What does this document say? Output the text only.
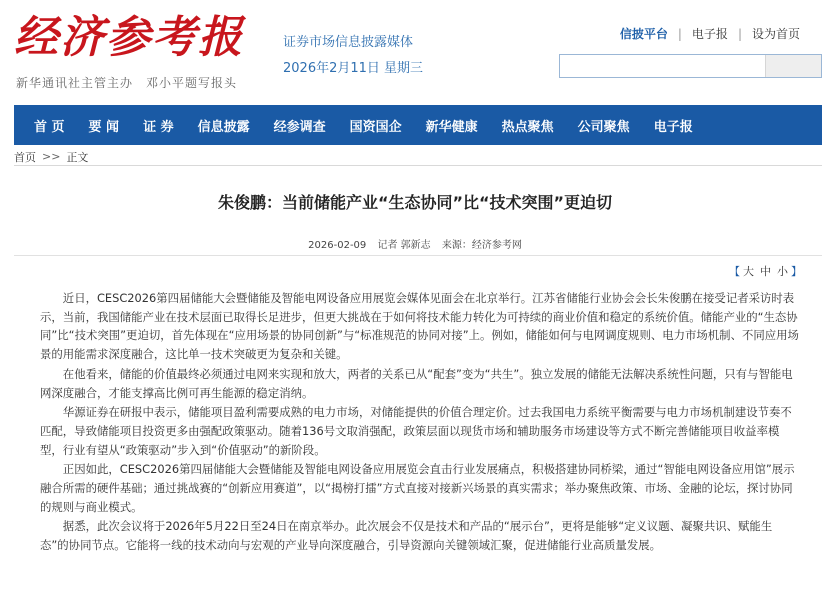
经济参考报
新华通讯社主管主办　邓小平题写报头
证券市场信息披露媒体
2026年2月11日 星期三
信披平台 | 电子报 | 设为首页
首 页 要 闻 证 券 信息披露 经参调查 国资国企 新华健康 热点聚焦 公司聚焦 电子报
首页 >> 正文
朱俊鹏：当前储能产业“生态协同”比“技术突围”更迫切
2026-02-09 记者 郭新志 来源：经济参考网
【 大 中 小 】

近日，CESC2026第四届储能大会暨储能及智能电网设备应用展览会媒体见面会在北京举行。江苏省储能行业协会会长朱俊鹏在接受记者采访时表示，当前，我国储能产业在技术层面已取得长足进步，但更大挑战在于如何将技术能力转化为可持续的商业价值和稳定的系统价值。储能产业的“生态协同”比“技术突围”更迫切，首先体现在“应用场景的协同创新”与“标准规范的协同对接”上。例如，储能如何与电网调度规则、电力市场机制、不同应用场景的用能需求深度融合，这比单一技术突破更为复杂和关键。

在他看来，储能的价值最终必须通过电网来实现和放大，两者的关系已从“配套”变为“共生”。独立发展的储能无法解决系统性问题，只有与智能电网深度融合，才能支撑高比例可再生能源的稳定消纳。

华源证券在研报中表示，储能项目盈利需要成熟的电力市场，对储能提供的价值合理定价。过去我国电力系统平衡需要与电力市场机制建设节奏不匹配，导致储能项目投资更多由强配政策驱动。随着136号文取消强配，政策层面以现货市场和辅助服务市场建设等方式不断完善储能项目收益率模型，行业有望从“政策驱动”步入到“价值驱动”的新阶段。

正因如此，CESC2026第四届储能大会暨储能及智能电网设备应用展览会直击行业发展痛点，积极搭建协同桥梁，通过“智能电网设备应用馆”展示融合所需的硬件基础；通过挑战赛的“创新应用赛道”，以“揭榜打擂”方式直接对接新兴场景的真实需求；举办聚焦政策、市场、金融的论坛，探讨协同的规则与商业模式。

据悉，此次会议将于2026年5月22日至24日在南京举办。此次展会不仅是技术和产品的“展示台”，更将是能够“定义议题、凝聚共识、赋能生态”的协同节点。它能将一线的技术动向与宏观的产业导向深度融合，引导资源向关键领域汇聚，促进储能行业高质量发展。
